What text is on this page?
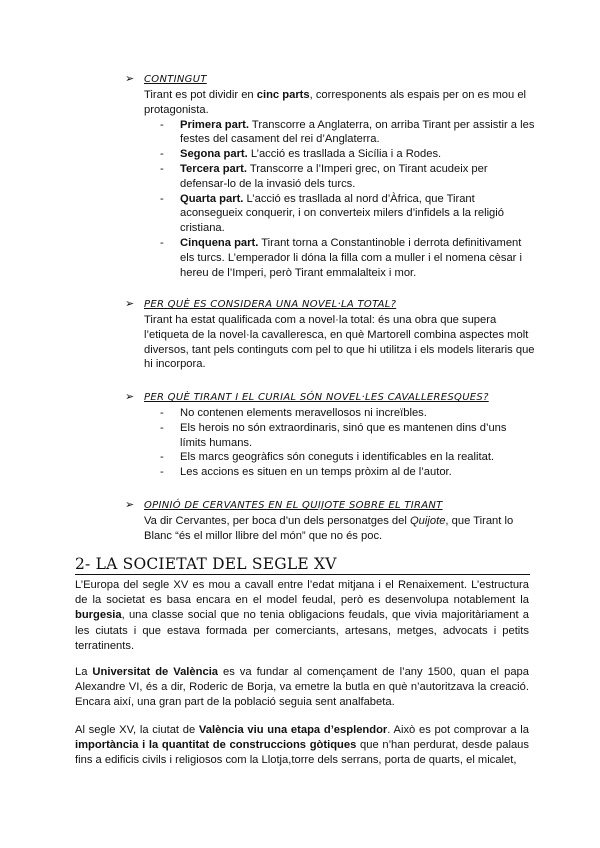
➢ CONTINGUT

Tirant es pot dividir en cinc parts, corresponents als espais per on es mou el protagonista.

- Primera part. Transcorre a Anglaterra, on arriba Tirant per assistir a les festes del casament del rei d’Anglaterra.
- Segona part. L’acció es trasllada a Sicília i a Rodes.
- Tercera part. Transcorre a l’Imperi grec, on Tirant acudeix per defensar-lo de la invasió dels turcs.
- Quarta part. L’acció es trasllada al nord d’Àfrica, que Tirant aconsegueix conquerir, i on converteix milers d’infidels a la religió cristiana.
- Cinquena part. Tirant torna a Constantinoble i derrota definitivament els turcs. L’emperador li dóna la filla com a muller i el nomena cèsar i hereu de l’Imperi, però Tirant emmalalteix i mor.
➢ PER QUÈ ES CONSIDERA UNA NOVEL·LA TOTAL?

Tirant ha estat qualificada com a novel·la total: és una obra que supera l’etiqueta de la novel·la cavalleresca, en què Martorell combina aspectes molt diversos, tant pels continguts com pel to que hi utilitza i els models literaris que hi incorpora.

➢ PER QUÈ TIRANT I EL CURIAL SÓN NOVEL·LES CAVALLERESQUES?
- No contenen elements meravellosos ni increïbles.
- Els herois no són extraordinaris, sinó que es mantenen dins d’uns límits humans.
- Els marcs geogràfics són coneguts i identificables en la realitat.
- Les accions es situen en un temps pròxim al de l’autor.
➢ OPINIÓ DE CERVANTES EN EL QUIJOTE SOBRE EL TIRANT

Va dir Cervantes, per boca d’un dels personatges del Quijote, que Tirant lo Blanc “és el millor llibre del món” que no és poc.

2- LA SOCIETAT DEL SEGLE XV

L’Europa del segle XV es mou a cavall entre l’edat mitjana i el Renaixement. L’estructura de la societat es basa encara en el model feudal, però es desenvolupa notablement la burgesia, una classe social que no tenia obligacions feudals, que vivia majoritàriament a les ciutats i que estava formada per comerciants, artesans, metges, advocats i petits terratinents.

La Universitat de València es va fundar al començament de l’any 1500, quan el papa Alexandre VI, és a dir, Roderic de Borja, va emetre la butla en què n’autoritzava la creació. Encara així, una gran part de la població seguia sent analfabeta.

Al segle XV, la ciutat de València viu una etapa d’esplendor. Això es pot comprovar a la importància i la quantitat de construccions gòtiques que n’han perdurat, desde palaus fins a edificis civils i religiosos com la Llotja,torre dels serrans, porta de quarts, el micalet,
